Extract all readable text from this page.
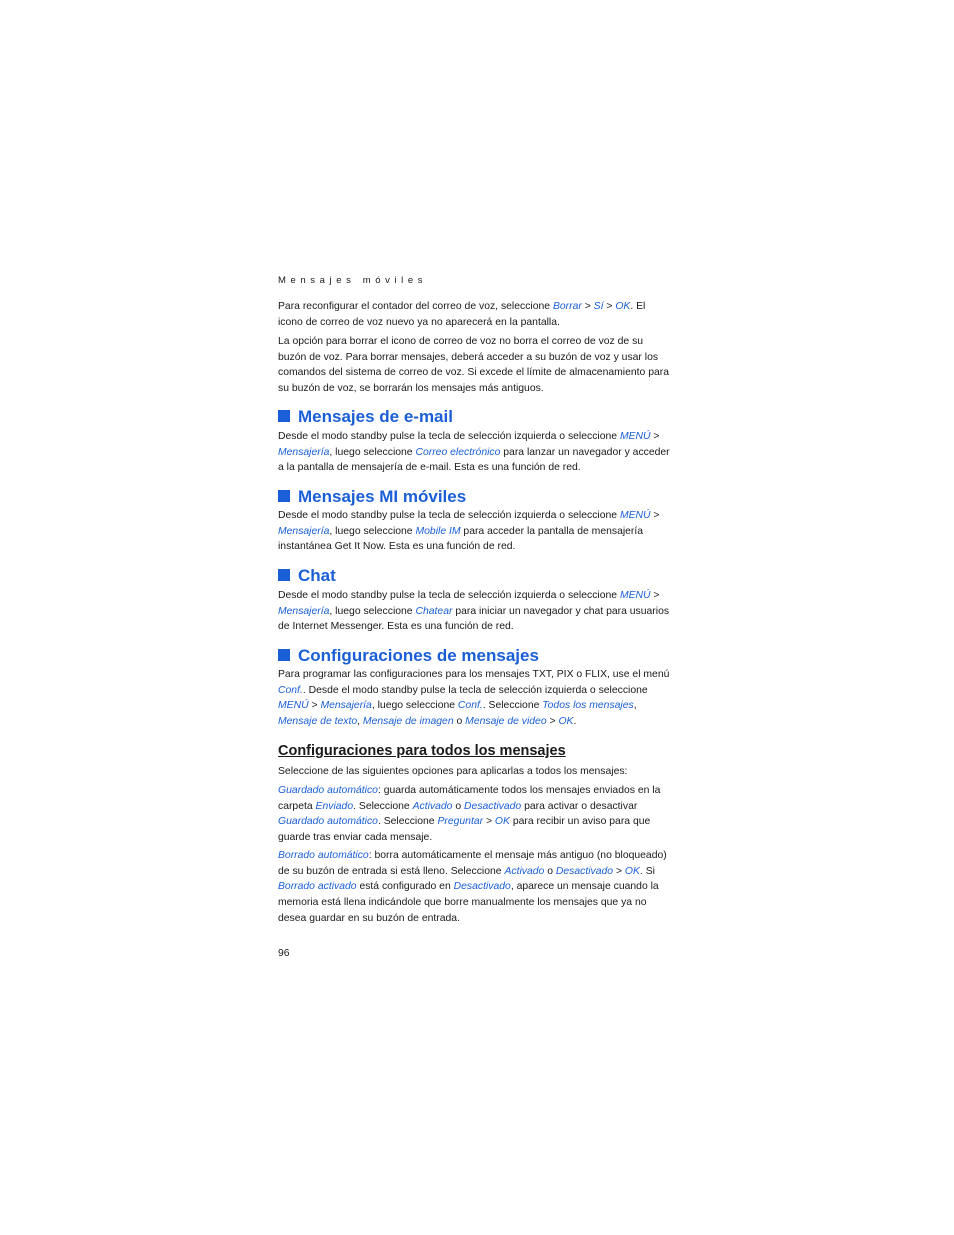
Mensajes móviles

Para reconfigurar el contador del correo de voz, seleccione Borrar > Sí > OK. El icono de correo de voz nuevo ya no aparecerá en la pantalla.

La opción para borrar el icono de correo de voz no borra el correo de voz de su buzón de voz. Para borrar mensajes, deberá acceder a su buzón de voz y usar los comandos del sistema de correo de voz. Si excede el límite de almacenamiento para su buzón de voz, se borrarán los mensajes más antiguos.

Mensajes de e-mail

Desde el modo standby pulse la tecla de selección izquierda o seleccione MENÚ > Mensajería, luego seleccione Correo electrónico para lanzar un navegador y acceder a la pantalla de mensajería de e-mail. Esta es una función de red.

Mensajes MI móviles

Desde el modo standby pulse la tecla de selección izquierda o seleccione MENÚ > Mensajería, luego seleccione Mobile IM para acceder la pantalla de mensajería instantánea Get It Now. Esta es una función de red.

Chat

Desde el modo standby pulse la tecla de selección izquierda o seleccione MENÚ > Mensajería, luego seleccione Chatear para iniciar un navegador y chat para usuarios de Internet Messenger. Esta es una función de red.

Configuraciones de mensajes

Para programar las configuraciones para los mensajes TXT, PIX o FLIX, use el menú Conf.. Desde el modo standby pulse la tecla de selección izquierda o seleccione MENÚ > Mensajería, luego seleccione Conf.. Seleccione Todos los mensajes, Mensaje de texto, Mensaje de imagen o Mensaje de video > OK.

Configuraciones para todos los mensajes

Seleccione de las siguientes opciones para aplicarlas a todos los mensajes:

Guardado automático: guarda automáticamente todos los mensajes enviados en la carpeta Enviado. Seleccione Activado o Desactivado para activar o desactivar Guardado automático. Seleccione Preguntar > OK para recibir un aviso para que guarde tras enviar cada mensaje.

Borrado automático: borra automáticamente el mensaje más antiguo (no bloqueado) de su buzón de entrada si está lleno. Seleccione Activado o Desactivado > OK. Si Borrado activado está configurado en Desactivado, aparece un mensaje cuando la memoria está llena indicándole que borre manualmente los mensajes que ya no desea guardar en su buzón de entrada.

96
